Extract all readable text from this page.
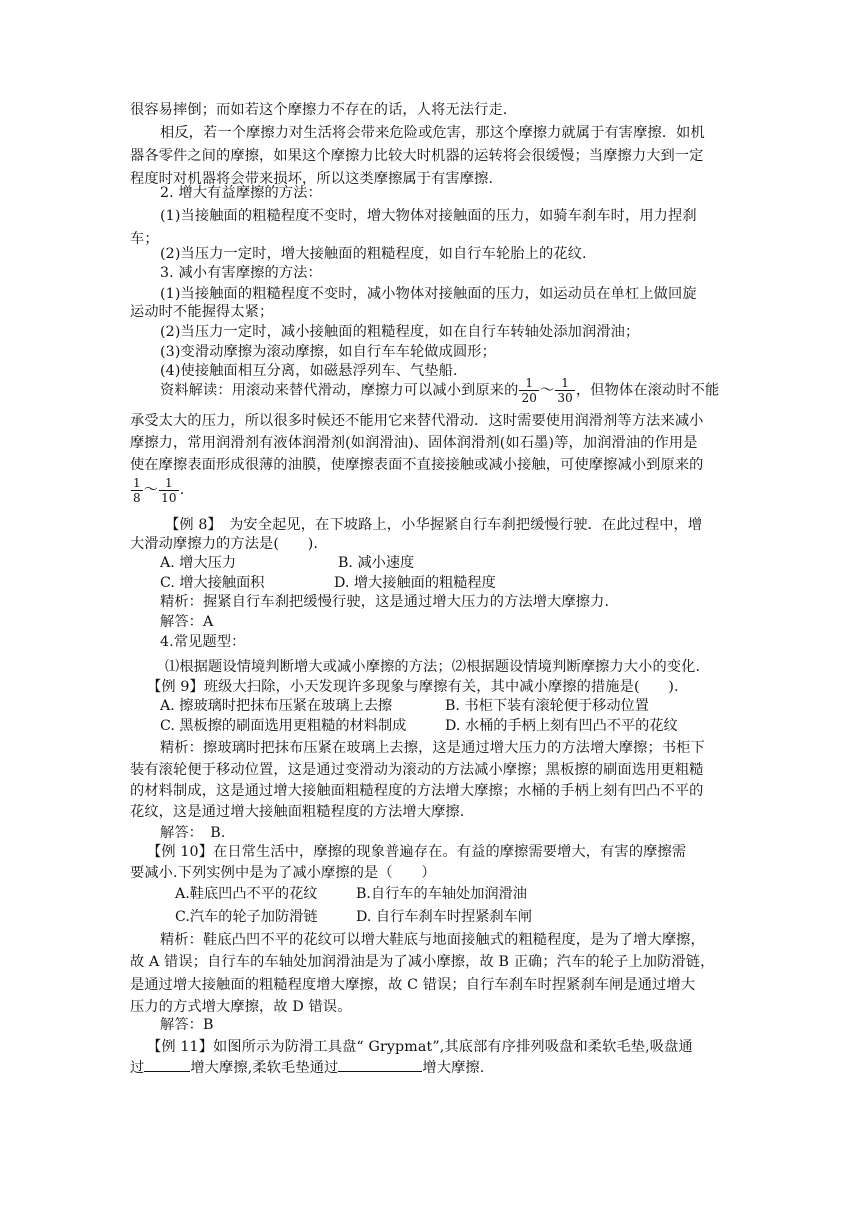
很容易摔倒；而如若这个摩擦力不存在的话，人将无法行走.
相反，若一个摩擦力对生活将会带来危险或危害，那这个摩擦力就属于有害摩擦．如机
器各零件之间的摩擦，如果这个摩擦力比较大时机器的运转将会很缓慢；当摩擦力大到一定
程度时对机器将会带来损坏，所以这类摩擦属于有害摩擦.
2. 增大有益摩擦的方法：
(1)当接触面的粗糙程度不变时，增大物体对接触面的压力，如骑车刹车时，用力捏刹
车；
(2)当压力一定时，增大接触面的粗糙程度，如自行车轮胎上的花纹.
3. 减小有害摩擦的方法：
(1)当接触面的粗糙程度不变时，减小物体对接触面的压力，如运动员在单杠上做回旋
运动时不能握得太紧；
(2)当压力一定时，减小接触面的粗糙程度，如在自行车转轴处添加润滑油；
(3)变滑动摩擦为滚动摩擦，如自行车车轮做成圆形；
(4)使接触面相互分离，如磁悬浮列车、气垫船.
资料解读：用滚动来替代滑动，摩擦力可以减小到原来的 $\frac{1}{20}$ ～ $\frac{1}{30}$ ，但物体在滚动时不能
承受太大的压力，所以很多时候还不能用它来替代滑动．这时需要使用润滑剂等方法来减小
摩擦力，常用润滑剂有液体润滑剂(如润滑油)、固体润滑剂(如石墨)等，加润滑油的作用是
使在摩擦表面形成很薄的油膜，使摩擦表面不直接接触或减小接触，可使摩擦减小到原来的
$\frac{1}{8}$ ～ $\frac{1}{10}$ .
【例 8】　为安全起见，在下坡路上，小华握紧自行车刹把缓慢行驶．在此过程中，增
大滑动摩擦力的方法是(　　).
A. 增大压力	B. 减小速度
C. 增大接触面积	D. 增大接触面的粗糙程度
精析：握紧自行车刹把缓慢行驶，这是通过增大压力的方法增大摩擦力.
解答：A
4.常见题型：
⑴根据题设情境判断增大或减小摩擦的方法；⑵根据题设情境判断摩擦力大小的变化.
【例 9】班级大扫除，小天发现许多现象与摩擦有关，其中减小摩擦的措施是(　　).
A. 擦玻璃时把抹布压紧在玻璃上去擦	B. 书柜下装有滚轮便于移动位置
C. 黑板擦的刷面选用更粗糙的材料制成	D. 水桶的手柄上刻有凹凸不平的花纹
精析：擦玻璃时把抹布压紧在玻璃上去擦，这是通过增大压力的方法增大摩擦；书柜下
装有滚轮便于移动位置，这是通过变滑动为滚动的方法减小摩擦；黑板擦的刷面选用更粗糙
的材料制成，这是通过增大接触面粗糙程度的方法增大摩擦；水桶的手柄上刻有凹凸不平的
花纹，这是通过增大接触面粗糙程度的方法增大摩擦.
解答：　B.
【例 10】在日常生活中，摩擦的现象普遍存在。有益的摩擦需要增大，有害的摩擦需
要减小.下列实例中是为了减小摩擦的是（　　）
A.鞋底凹凸不平的花纹	B.自行车的车轴处加润滑油
C.汽车的轮子加防滑链	D. 自行车刹车时捏紧刹车闸
精析：鞋底凸凹不平的花纹可以增大鞋底与地面接触式的粗糙程度，是为了增大摩擦，
故 A 错误；自行车的车轴处加润滑油是为了减小摩擦，故 B 正确；汽车的轮子上加防滑链，
是通过增大接触面的粗糙程度增大摩擦，故 C 错误；自行车刹车时捏紧刹车闸是通过增大
压力的方式增大摩擦，故 D 错误。
解答：B
【例 11】如图所示为防滑工具盘“ Grypmat”,其底部有序排列吸盘和柔软毛垫,吸盘通
过	增大摩擦,柔软毛垫通过	增大摩擦.
